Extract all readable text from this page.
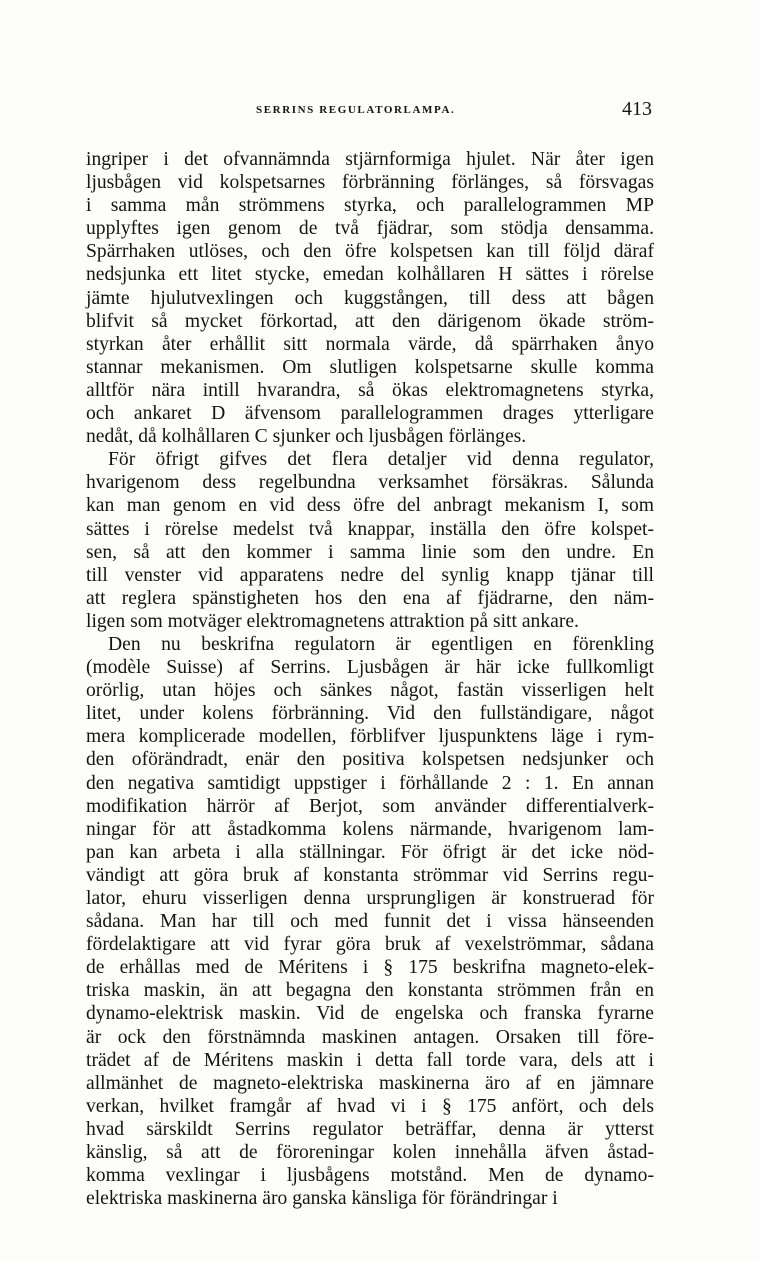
SERRINS REGULATORLAMPA.	413
ingriper i det ofvannämnda stjärnformiga hjulet. När åter igen
ljusbågen vid kolspetsarnes förbränning förlänges, så försvagas
i samma mån strömmens styrka, och parallelogrammen MP
upplyftes igen genom de två fjädrar, som stödja densamma.
Spärrhaken utlöses, och den öfre kolspetsen kan till följd däraf
nedsjunka ett litet stycke, emedan kolhållaren H sättes i rörelse
jämte hjulutvexlingen och kuggstången, till dess att bågen
blifvit så mycket förkortad, att den därigenom ökade ström-
styrkan åter erhållit sitt normala värde, då spärrhaken ånyo
stannar mekanismen. Om slutligen kolspetsarne skulle komma
alltför nära intill hvarandra, så ökas elektromagnetens styrka,
och ankaret D äfvensom parallelogrammen drages ytterligare
nedåt, då kolhållaren C sjunker och ljusbågen förlänges.
För öfrigt gifves det flera detaljer vid denna regulator,
hvarigenom dess regelbundna verksamhet försäkras. Sålunda
kan man genom en vid dess öfre del anbragt mekanism I, som
sättes i rörelse medelst två knappar, inställa den öfre kolspet-
sen, så att den kommer i samma linie som den undre. En
till venster vid apparatens nedre del synlig knapp tjänar till
att reglera spänstigheten hos den ena af fjädrarne, den näm-
ligen som motväger elektromagnetens attraktion på sitt ankare.
Den nu beskrifna regulatorn är egentligen en förenkling
(modèle Suisse) af Serrins. Ljusbågen är här icke fullkomligt
orörlig, utan höjes och sänkes något, fastän visserligen helt
litet, under kolens förbränning. Vid den fullständigare, något
mera komplicerade modellen, förblifver ljuspunktens läge i rym-
den oförändradt, enär den positiva kolspetsen nedsjunker och
den negativa samtidigt uppstiger i förhållande 2 : 1. En annan
modifikation härrör af Berjot, som använder differentialverk-
ningar för att åstadkomma kolens närmande, hvarigenom lam-
pan kan arbeta i alla ställningar. För öfrigt är det icke nöd-
vändigt att göra bruk af konstanta strömmar vid Serrins regu-
lator, ehuru visserligen denna ursprungligen är konstruerad för
sådana. Man har till och med funnit det i vissa hänseenden
fördelaktigare att vid fyrar göra bruk af vexelströmmar, sådana
de erhållas med de Méritens i § 175 beskrifna magneto-elek-
triska maskin, än att begagna den konstanta strömmen från en
dynamo-elektrisk maskin. Vid de engelska och franska fyrarne
är ock den förstnämnda maskinen antagen. Orsaken till före-
trädet af de Méritens maskin i detta fall torde vara, dels att i
allmänhet de magneto-elektriska maskinerna äro af en jämnare
verkan, hvilket framgår af hvad vi i § 175 anfört, och dels
hvad särskildt Serrins regulator beträffar, denna är ytterst
känslig, så att de föroreningar kolen innehålla äfven åstad-
komma vexlingar i ljusbågens motstånd. Men de dynamo-
elektriska maskinerna äro ganska känsliga för förändringar i
